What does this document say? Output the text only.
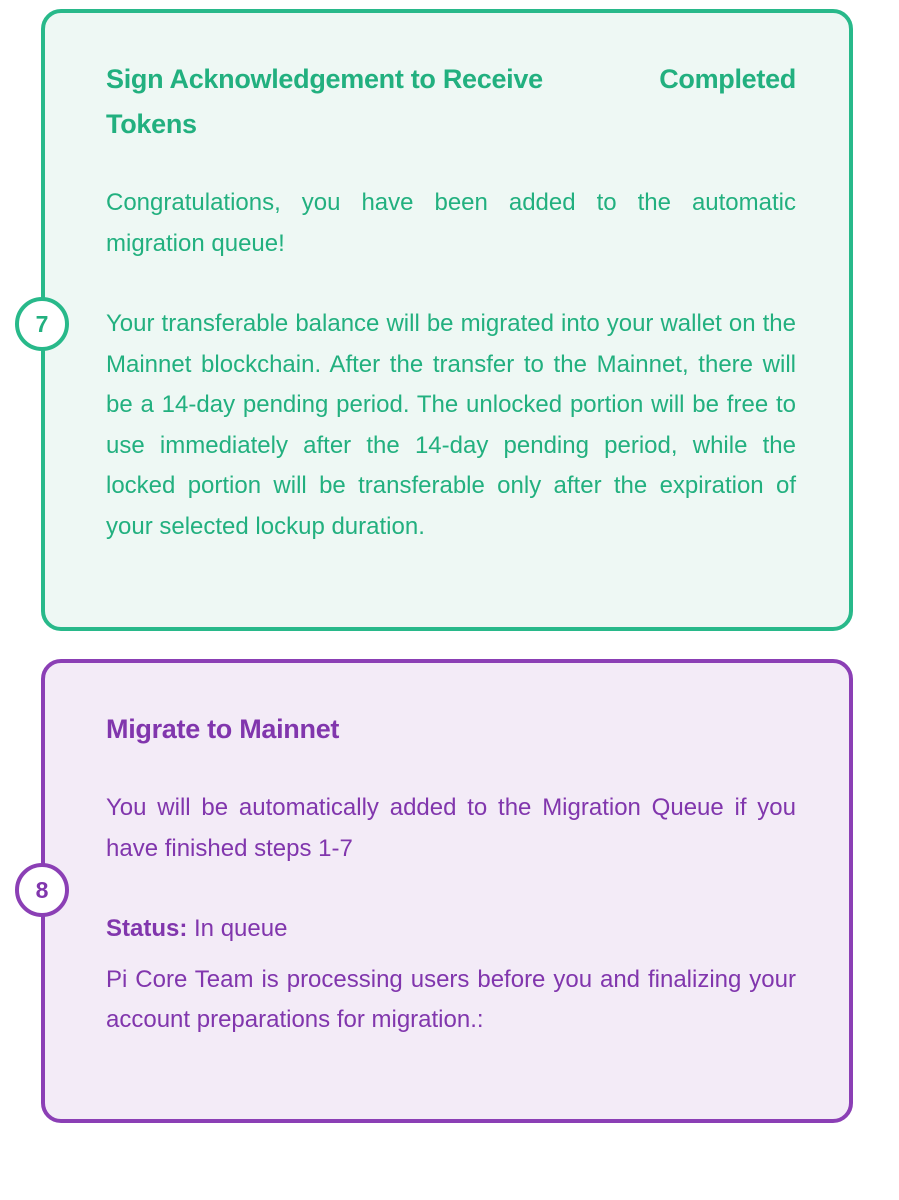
7
Sign Acknowledgement to Receive Tokens
Completed

Congratulations, you have been added to the automatic migration queue!

Your transferable balance will be migrated into your wallet on the Mainnet blockchain. After the transfer to the Mainnet, there will be a 14-day pending period. The unlocked portion will be free to use immediately after the 14-day pending period, while the locked portion will be transferable only after the expiration of your selected lockup duration.

8
Migrate to Mainnet

You will be automatically added to the Migration Queue if you have finished steps 1-7

Status: In queue

Pi Core Team is processing users before you and finalizing your account preparations for migration.:
